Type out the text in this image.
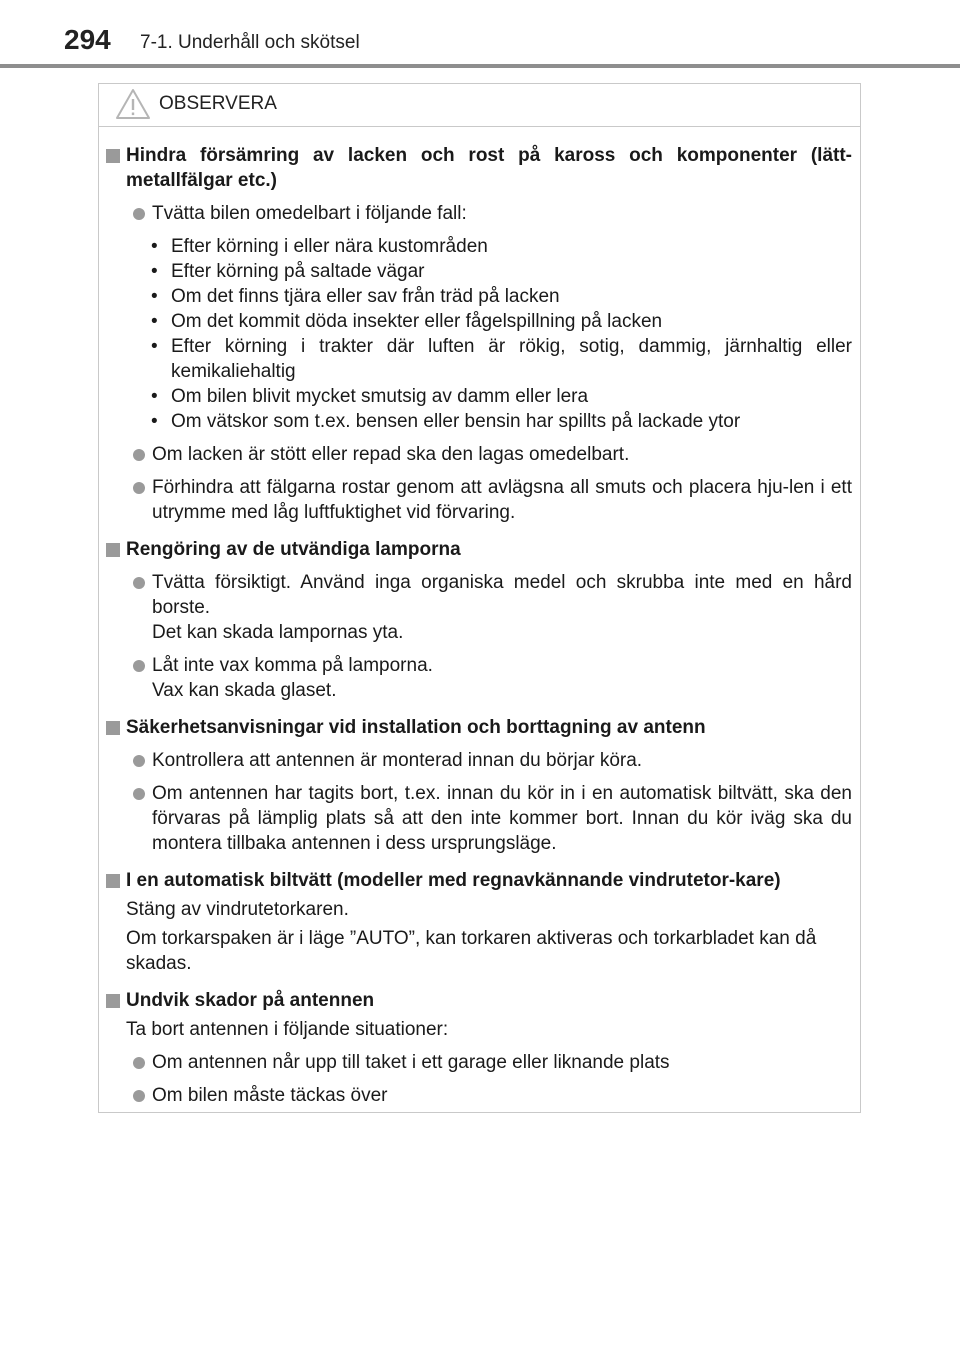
294 7-1. Underhåll och skötsel
OBSERVERA
Hindra försämring av lacken och rost på kaross och komponenter (lätt-metallfälgar etc.)
Tvätta bilen omedelbart i följande fall:
• Efter körning i eller nära kustområden
• Efter körning på saltade vägar
• Om det finns tjära eller sav från träd på lacken
• Om det kommit döda insekter eller fågelspillning på lacken
• Efter körning i trakter där luften är rökig, sotig, dammig, järnhaltig eller kemikaliehaltig
• Om bilen blivit mycket smutsig av damm eller lera
• Om vätskor som t.ex. bensen eller bensin har spillts på lackade ytor
Om lacken är stött eller repad ska den lagas omedelbart.
Förhindra att fälgarna rostar genom att avlägsna all smuts och placera hju-len i ett utrymme med låg luftfuktighet vid förvaring.
Rengöring av de utvändiga lamporna
Tvätta försiktigt. Använd inga organiska medel och skrubba inte med en hård borste.
Det kan skada lampornas yta.
Låt inte vax komma på lamporna.
Vax kan skada glaset.
Säkerhetsanvisningar vid installation och borttagning av antenn
Kontrollera att antennen är monterad innan du börjar köra.
Om antennen har tagits bort, t.ex. innan du kör in i en automatisk biltvätt, ska den förvaras på lämplig plats så att den inte kommer bort. Innan du kör iväg ska du montera tillbaka antennen i dess ursprungsläge.
I en automatisk biltvätt (modeller med regnavkännande vindrutetor-kare)
Stäng av vindrutetorkaren.
Om torkarspaken är i läge ”AUTO”, kan torkaren aktiveras och torkarbladet kan då skadas.
Undvik skador på antennen
Ta bort antennen i följande situationer:
Om antennen når upp till taket i ett garage eller liknande plats
Om bilen måste täckas över
